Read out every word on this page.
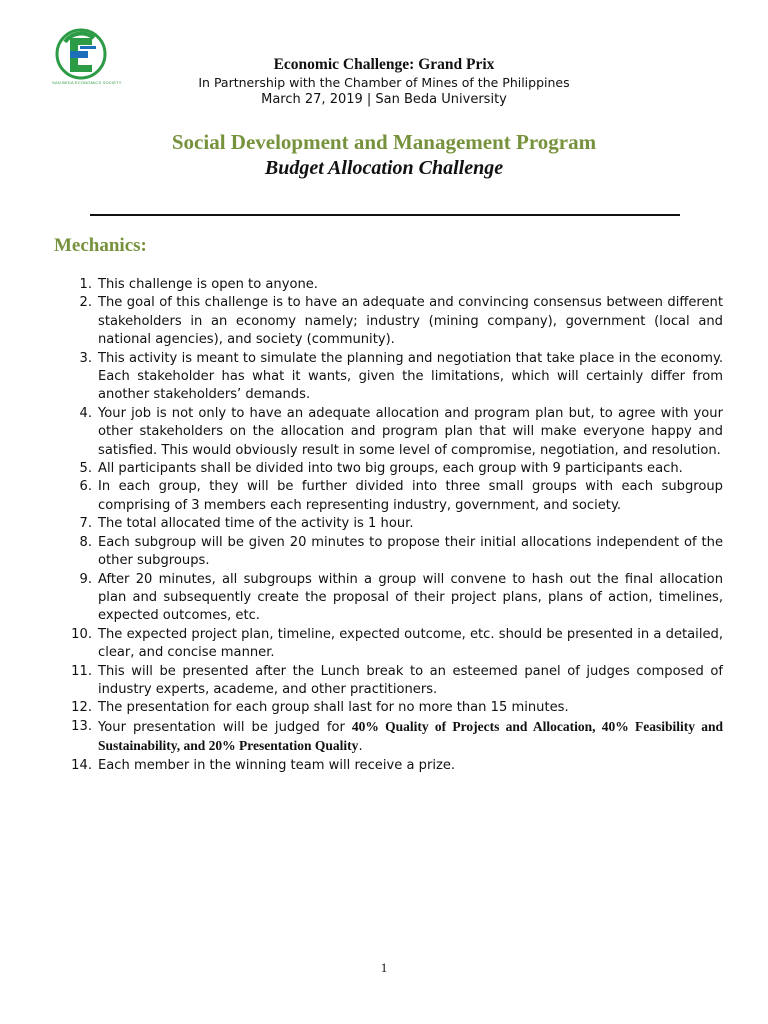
SAN BEDA ECONOMICS SOCIETY
Economic Challenge: Grand Prix
In Partnership with the Chamber of Mines of the Philippines
March 27, 2019 | San Beda University
Social Development and Management Program
Budget Allocation Challenge
Mechanics:
1. This challenge is open to anyone.
2. The goal of this challenge is to have an adequate and convincing consensus between different stakeholders in an economy namely; industry (mining company), government (local and national agencies), and society (community).
3. This activity is meant to simulate the planning and negotiation that take place in the economy. Each stakeholder has what it wants, given the limitations, which will certainly differ from another stakeholders’ demands.
4. Your job is not only to have an adequate allocation and program plan but, to agree with your other stakeholders on the allocation and program plan that will make everyone happy and satisfied. This would obviously result in some level of compromise, negotiation, and resolution.
5. All participants shall be divided into two big groups, each group with 9 participants each.
6. In each group, they will be further divided into three small groups with each subgroup comprising of 3 members each representing industry, government, and society.
7. The total allocated time of the activity is 1 hour.
8. Each subgroup will be given 20 minutes to propose their initial allocations independent of the other subgroups.
9. After 20 minutes, all subgroups within a group will convene to hash out the final allocation plan and subsequently create the proposal of their project plans, plans of action, timelines, expected outcomes, etc.
10. The expected project plan, timeline, expected outcome, etc. should be presented in a detailed, clear, and concise manner.
11. This will be presented after the Lunch break to an esteemed panel of judges composed of industry experts, academe, and other practitioners.
12. The presentation for each group shall last for no more than 15 minutes.
13. Your presentation will be judged for 40% Quality of Projects and Allocation, 40% Feasibility and Sustainability, and 20% Presentation Quality.
14. Each member in the winning team will receive a prize.
1
